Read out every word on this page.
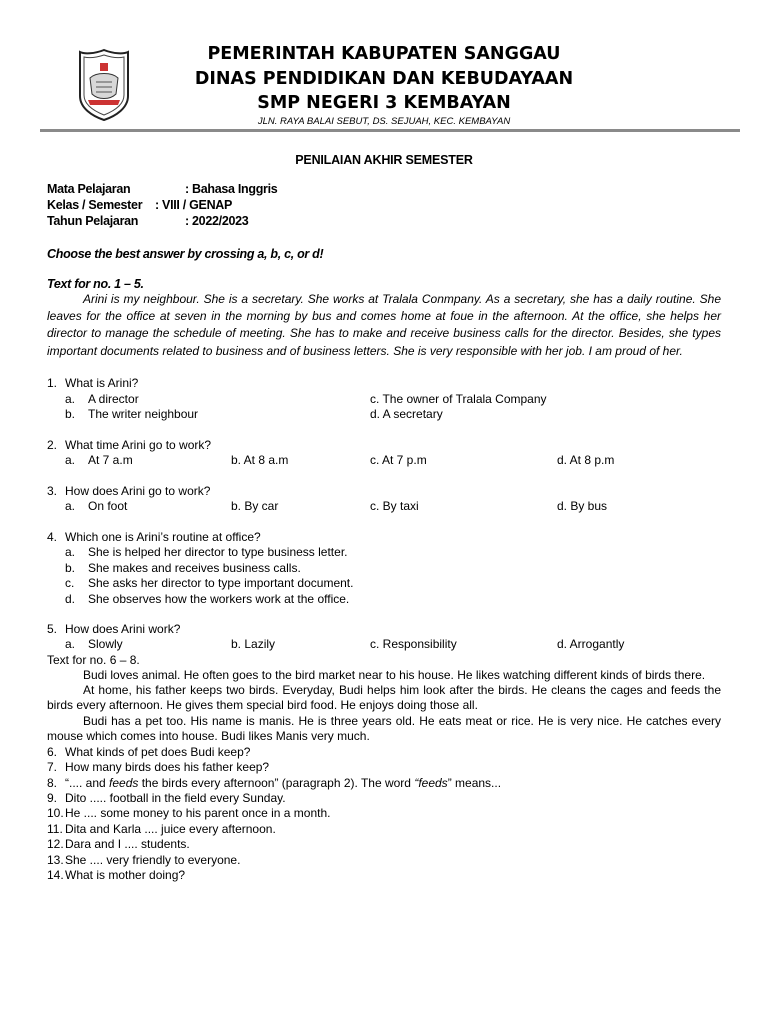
PEMERINTAH KABUPATEN SANGGAU
DINAS PENDIDIKAN DAN KEBUDAYAAN
SMP NEGERI 3 KEMBAYAN
JLN. RAYA BALAI SEBUT, DS. SEJUAH, KEC. KEMBAYAN
PENILAIAN AKHIR SEMESTER
Mata Pelajaran	: Bahasa Inggris
Kelas / Semester : VIII / GENAP
Tahun Pelajaran	: 2022/2023
Choose the best answer by crossing a, b, c, or d!
Text for no. 1 – 5.
Arini is my neighbour. She is a secretary. She works at Tralala Conmpany. As a secretary, she has a daily routine. She leaves for the office at seven in the morning by bus and comes home at foue in the afternoon. At the office, she helps her director to manage the schedule of meeting. She has to make and receive business calls for the director. Besides, she types important documents related to business and of business letters. She is very responsible with her job. I am proud of her.
1. What is Arini?
a. A director
b. The writer neighbour
c. The owner of Tralala Company
d. A secretary
2. What time Arini go to work?
a. At 7 a.m	b. At 8 a.m	c. At 7 p.m	d. At 8 p.m
3. How does Arini go to work?
a. On foot	b. By car	c. By taxi	d. By bus
4. Which one is Arini’s routine at office?
a. She is helped her director to type business letter.
b. She makes and receives business calls.
c. She asks her director to type important document.
d. She observes how the workers work at the office.
5. How does Arini work?
a. Slowly	b. Lazily	c. Responsibility	d. Arrogantly
Text for no. 6 – 8.
Budi loves animal. He often goes to the bird market near to his house. He likes watching different kinds of birds there.
At home, his father keeps two birds. Everyday, Budi helps him look after the birds. He cleans the cages and feeds the birds every afternoon. He gives them special bird food. He enjoys doing those all.
Budi has a pet too. His name is manis. He is three years old. He eats meat or rice. He is very nice. He catches every mouse which comes into house. Budi likes Manis very much.
6. What kinds of pet does Budi keep?
7. How many birds does his father keep?
8. “.... and feeds the birds every afternoon” (paragraph 2). The word “feeds” means...
9. Dito ..... football in the field every Sunday.
10. He .... some money to his parent once in a month.
11. Dita and Karla .... juice every afternoon.
12. Dara and I .... students.
13. She .... very friendly to everyone.
14. What is mother doing?
